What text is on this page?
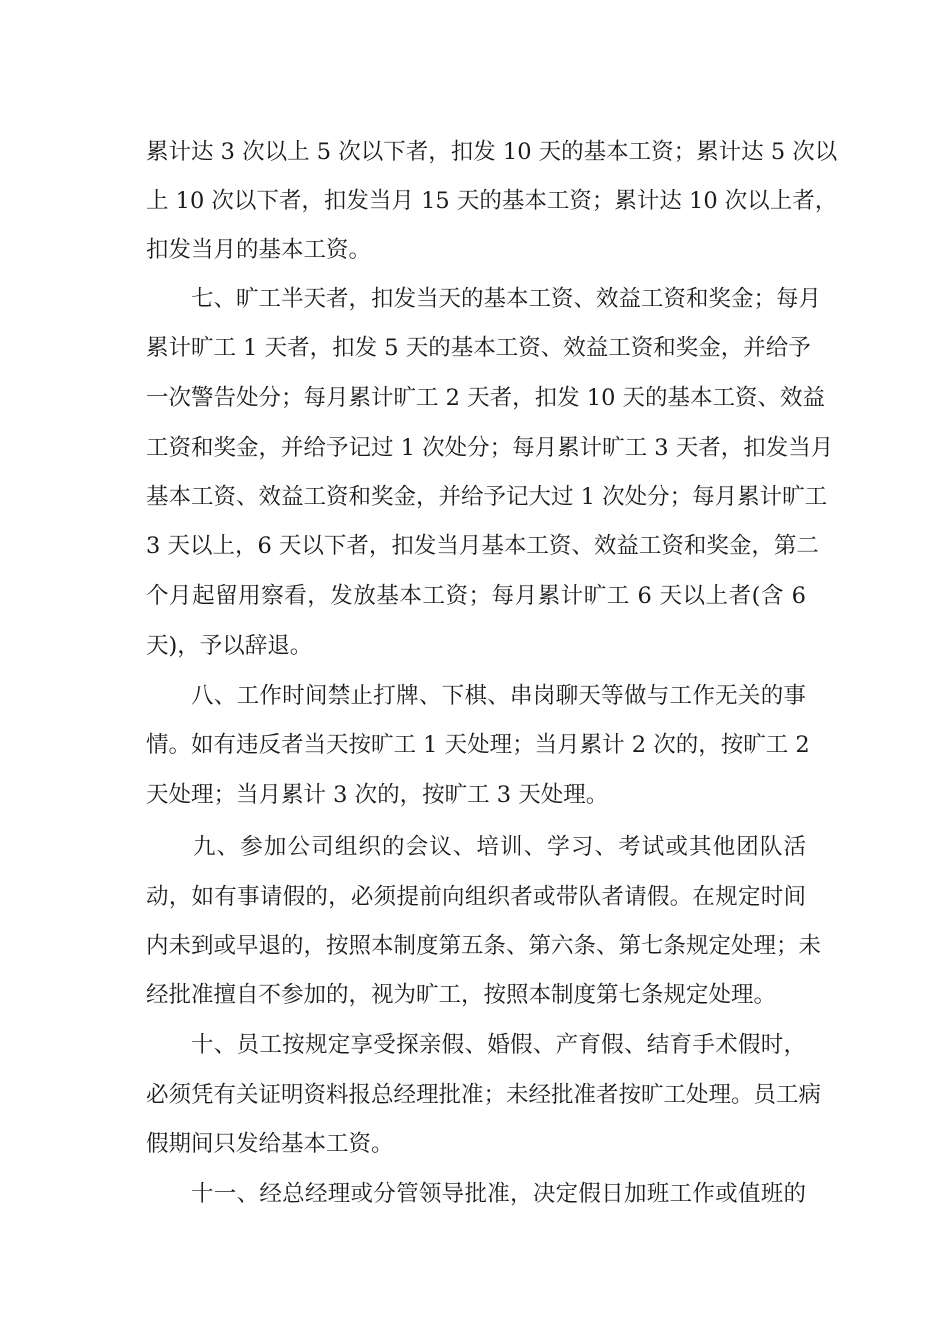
累计达 3 次以上 5 次以下者，扣发 10 天的基本工资；累计达 5 次以
上 10 次以下者，扣发当月 15 天的基本工资；累计达 10 次以上者，
扣发当月的基本工资。
七、旷工半天者，扣发当天的基本工资、效益工资和奖金；每月
累计旷工 1 天者，扣发 5 天的基本工资、效益工资和奖金，并给予
一次警告处分；每月累计旷工 2 天者，扣发 10 天的基本工资、效益
工资和奖金，并给予记过 1 次处分；每月累计旷工 3 天者，扣发当月
基本工资、效益工资和奖金，并给予记大过 1 次处分；每月累计旷工
3 天以上，6 天以下者，扣发当月基本工资、效益工资和奖金，第二
个月起留用察看，发放基本工资；每月累计旷工 6 天以上者(含 6
天)，予以辞退。
八、工作时间禁止打牌、下棋、串岗聊天等做与工作无关的事
情。如有违反者当天按旷工 1 天处理；当月累计 2 次的，按旷工 2
天处理；当月累计 3 次的，按旷工 3 天处理。
九、参加公司组织的会议、培训、学习、考试或其他团队活
动，如有事请假的，必须提前向组织者或带队者请假。在规定时间
内未到或早退的，按照本制度第五条、第六条、第七条规定处理；未
经批准擅自不参加的，视为旷工，按照本制度第七条规定处理。
十、员工按规定享受探亲假、婚假、产育假、结育手术假时，
必须凭有关证明资料报总经理批准；未经批准者按旷工处理。员工病
假期间只发给基本工资。
十一、经总经理或分管领导批准，决定假日加班工作或值班的
